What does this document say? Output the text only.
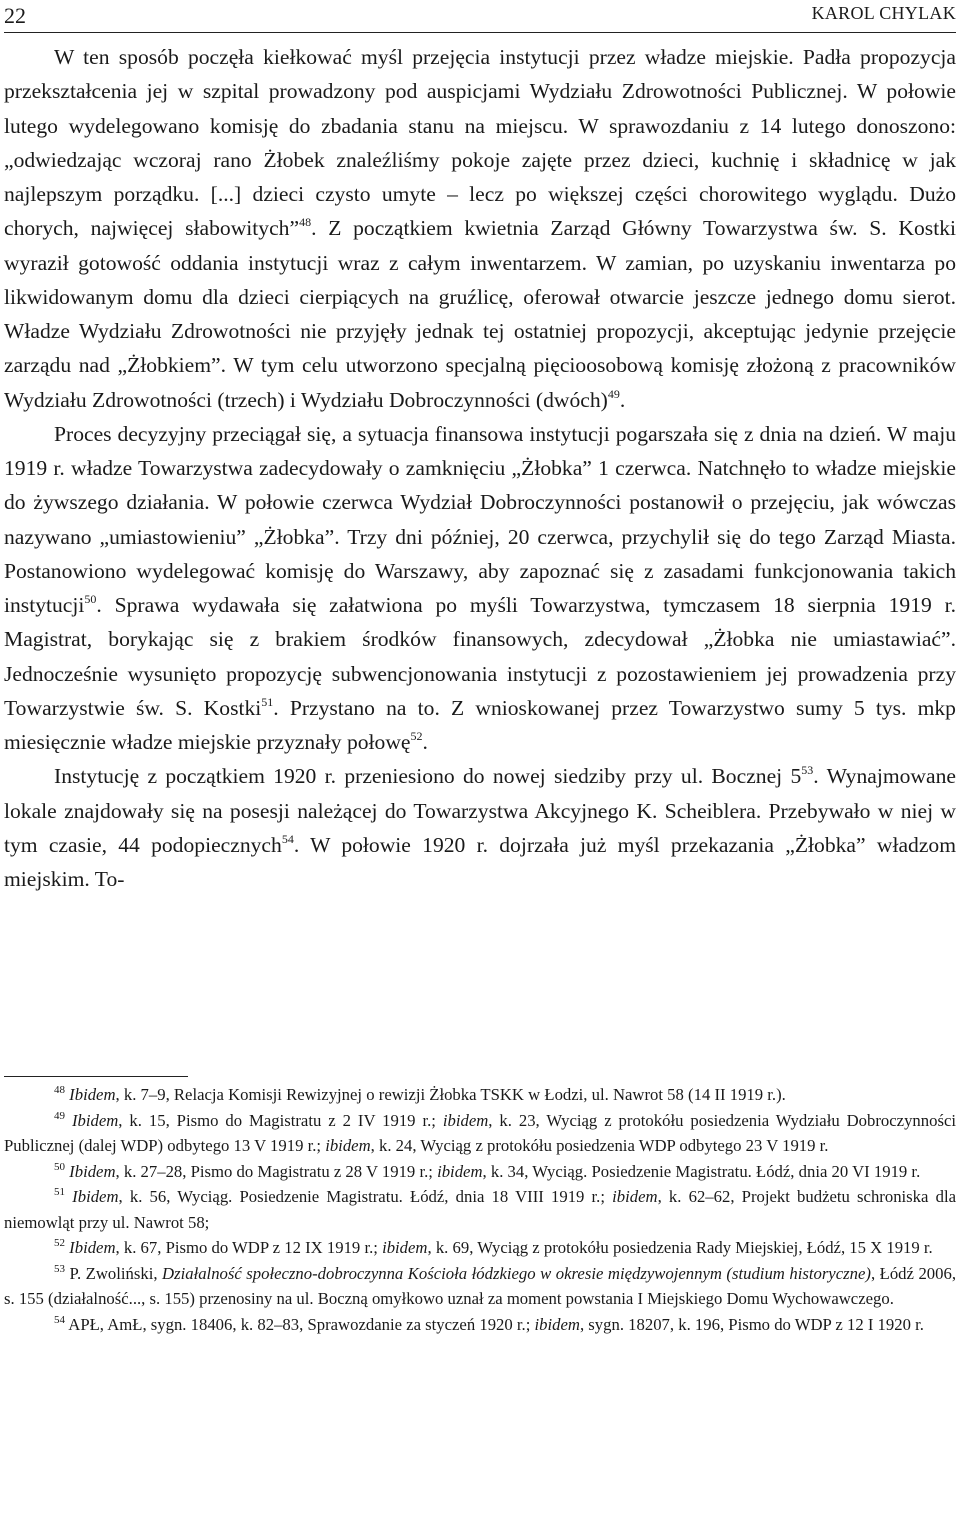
22	KAROL CHYLAK

W ten sposób poczęła kiełkować myśl przejęcia instytucji przez władze miejskie. Padła propozycja przekształcenia jej w szpital prowadzony pod auspicjami Wydziału Zdrowotności Publicznej. W połowie lutego wydelegowano komisję do zbadania stanu na miejscu. W sprawozdaniu z 14 lutego donoszono: „odwiedzając wczoraj rano Żłobek znaleźliśmy pokoje zajęte przez dzieci, kuchnię i składnicę w jak najlepszym porządku. [...] dzieci czysto umyte – lecz po większej części chorowitego wyglądu. Dużo chorych, najwięcej słabowitych”$^{48}$. Z początkiem kwietnia Zarząd Główny Towarzystwa św. S. Kostki wyraził gotowość oddania instytucji wraz z całym inwentarzem. W zamian, po uzyskaniu inwentarza po likwidowanym domu dla dzieci cierpiących na gruźlicę, oferował otwarcie jeszcze jednego domu sierot. Władze Wydziału Zdrowotności nie przyjęły jednak tej ostatniej propozycji, akceptując jedynie przejęcie zarządu nad „Żłobkiem”. W tym celu utworzono specjalną pięcioosobową komisję złożoną z pracowników Wydziału Zdrowotności (trzech) i Wydziału Dobroczynności (dwóch)$^{49}$.

Proces decyzyjny przeciągał się, a sytuacja finansowa instytucji pogarszała się z dnia na dzień. W maju 1919 r. władze Towarzystwa zadecydowały o zamknięciu „Żłobka” 1 czerwca. Natchnęło to władze miejskie do żywszego działania. W połowie czerwca Wydział Dobroczynności postanowił o przejęciu, jak wówczas nazywano „umiastowieniu” „Żłobka”. Trzy dni później, 20 czerwca, przychylił się do tego Zarząd Miasta. Postanowiono wydelegować komisję do Warszawy, aby zapoznać się z zasadami funkcjonowania takich instytucji$^{50}$. Sprawa wydawała się załatwiona po myśli Towarzystwa, tymczasem 18 sierpnia 1919 r. Magistrat, borykając się z brakiem środków finansowych, zdecydował „Żłobka nie umiastawiać”. Jednocześnie wysunięto propozycję subwencjonowania instytucji z pozostawieniem jej prowadzenia przy Towarzystwie św. S. Kostki$^{51}$. Przystano na to. Z wnioskowanej przez Towarzystwo sumy 5 tys. mkp miesięcznie władze miejskie przyznały połowę$^{52}$.

Instytucję z początkiem 1920 r. przeniesiono do nowej siedziby przy ul. Bocznej $5^{53}$. Wynajmowane lokale znajdowały się na posesji należącej do Towarzystwa Akcyjnego K. Scheiblera. Przebywało w niej w tym czasie, 44 podopiecznych$^{54}$. W połowie 1920 r. dojrzała już myśl przekazania „Żłobka” władzom miejskim. To-

$^{48}$ Ibidem, k. 7–9, Relacja Komisji Rewizyjnej o rewizji Żłobka TSKK w Łodzi, ul. Nawrot 58 (14 II 1919 r.).

$^{49}$ Ibidem, k. 15, Pismo do Magistratu z 2 IV 1919 r.; ibidem, k. 23, Wyciąg z protokółu posiedzenia Wydziału Dobroczynności Publicznej (dalej WDP) odbytego 13 V 1919 r.; ibidem, k. 24, Wyciąg z protokółu posiedzenia WDP odbytego 23 V 1919 r.

$^{50}$ Ibidem, k. 27–28, Pismo do Magistratu z 28 V 1919 r.; ibidem, k. 34, Wyciąg. Posiedzenie Magistratu. Łódź, dnia 20 VI 1919 r.

$^{51}$ Ibidem, k. 56, Wyciąg. Posiedzenie Magistratu. Łódź, dnia 18 VIII 1919 r.; ibidem, k. 62–62, Projekt budżetu schroniska dla niemowląt przy ul. Nawrot 58;

$^{52}$ Ibidem, k. 67, Pismo do WDP z 12 IX 1919 r.; ibidem, k. 69, Wyciąg z protokółu posiedzenia Rady Miejskiej, Łódź, 15 X 1919 r.

$^{53}$ P. Zwoliński, Działalność społeczno-dobroczynna Kościoła łódzkiego w okresie międzywojennym (studium historyczne), Łódź 2006, s. 155 (działalność..., s. 155) przenosiny na ul. Boczną omyłkowo uznał za moment powstania I Miejskiego Domu Wychowawczego.

$^{54}$ APŁ, AmŁ, sygn. 18406, k. 82–83, Sprawozdanie za styczeń 1920 r.; ibidem, sygn. 18207, k. 196, Pismo do WDP z 12 I 1920 r.
